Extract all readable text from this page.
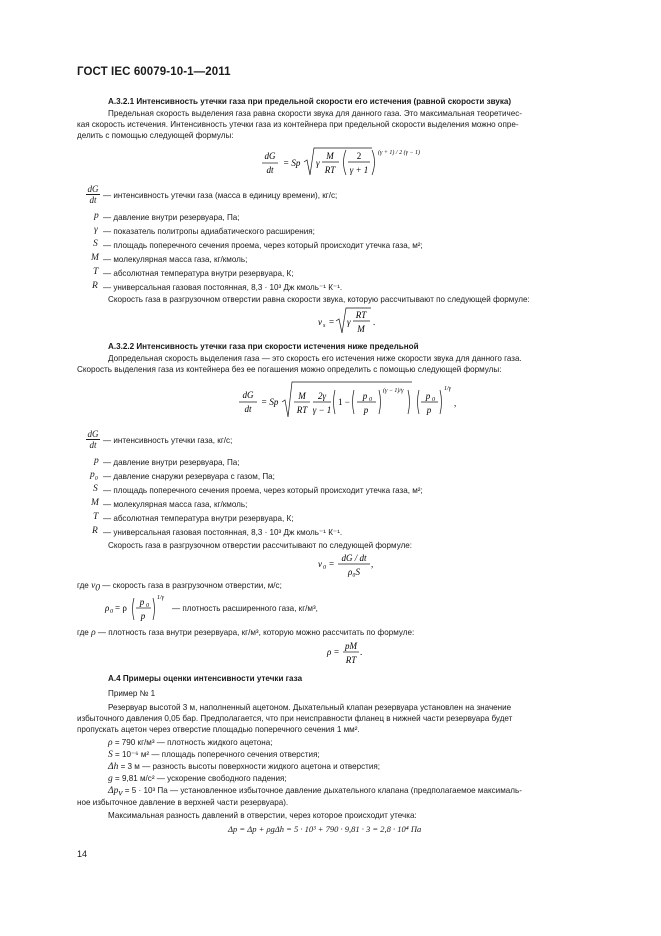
ГОСТ IEC 60079-10-1—2011
А.3.2.1 Интенсивность утечки газа при предельной скорости его истечения (равной скорости звука)
Предельная скорость выделения газа равна скорости звука для данного газа. Это максимальная теоретичес-
кая скорость истечения. Интенсивность утечки газа из контейнера при предельной скорости выделения можно опре-
делить с помощью следующей формулы:
dG
dt
= Sp γ
M
RT
2
γ + 1
(γ + 1) / 2 (γ − 1)
dG
dt — интенсивность утечки газа (масса в единицу времени), кг/с;
p — давление внутри резервуара, Па;
γ — показатель политропы адиабатического расширения;
S — площадь поперечного сечения проема, через который происходит утечка газа, м²;
M — молекулярная масса газа, кг/кмоль;
T — абсолютная температура внутри резервуара, К;
R — универсальная газовая постоянная, 8,3 · 10³ Дж кмоль⁻¹ К⁻¹.
Скорость газа в разгрузочном отверстии равна скорости звука, которую рассчитывают по следующей формуле:
v s = γ
RT
M
.
А.3.2.2 Интенсивность утечки газа при скорости истечения ниже предельной
Допредельная скорость выделения газа — это скорость его истечения ниже скорости звука для данного газа.
Скорость выделения газа из контейнера без ее погашения можно определить с помощью следующей формулы:
dG
dt
= Sp
M
RT
2γ
γ − 1
1 −
p 0
p
(γ − 1)/γ p 0
p
1/γ
,
dG
dt — интенсивность утечки газа, кг/с;
p — давление внутри резервуара, Па;
$p_0$ — давление снаружи резервуара с газом, Па;
S — площадь поперечного сечения проема, через который происходит утечка газа, м²;
M — молекулярная масса газа, кг/кмоль;
T — абсолютная температура внутри резервуара, К;
R — универсальная газовая постоянная, 8,3 · 10³ Дж кмоль⁻¹ К⁻¹.
Скорость газа в разгрузочном отверстии рассчитывают по следующей формуле:
v 0 =
dG / dt
ρ₀S
,
где $v_0$ — скорость газа в разгрузочном отверстии, м/с;
ρ 0 = ρ
p 0
p
1/γ
— плотность расширенного газа, кг/м³,
где ρ — плотность газа внутри резервуара, кг/м³, которую можно рассчитать по формуле:
ρ =
pM
RT
.
А.4 Примеры оценки интенсивности утечки газа
Пример № 1
Резервуар высотой 3 м, наполненный ацетоном. Дыхательный клапан резервуара установлен на значение
избыточного давления 0,05 бар. Предполагается, что при неисправности фланец в нижней части резервуара будет
пропускать ацетон через отверстие площадью поперечного сечения 1 мм².
ρ = 790 кг/м³ — плотность жидкого ацетона;
S = 10⁻⁶ м² — площадь поперечного сечения отверстия;
Δh = 3 м — разность высоты поверхности жидкого ацетона и отверстия;
g = 9,81 м/с² — ускорение свободного падения;
$\Delta p_v = 5 \cdot 10^3$ Па — установленное избыточное давление дыхательного клапана (предполагаемое максималь-
ное избыточное давление в верхней части резервуара).
Максимальная разность давлений в отверстии, через которое происходит утечка:
Δp = Δp + ρgΔh = 5 · 10³ + 790 · 9,81 · 3 = 2,8 · 10⁴ Па
14
